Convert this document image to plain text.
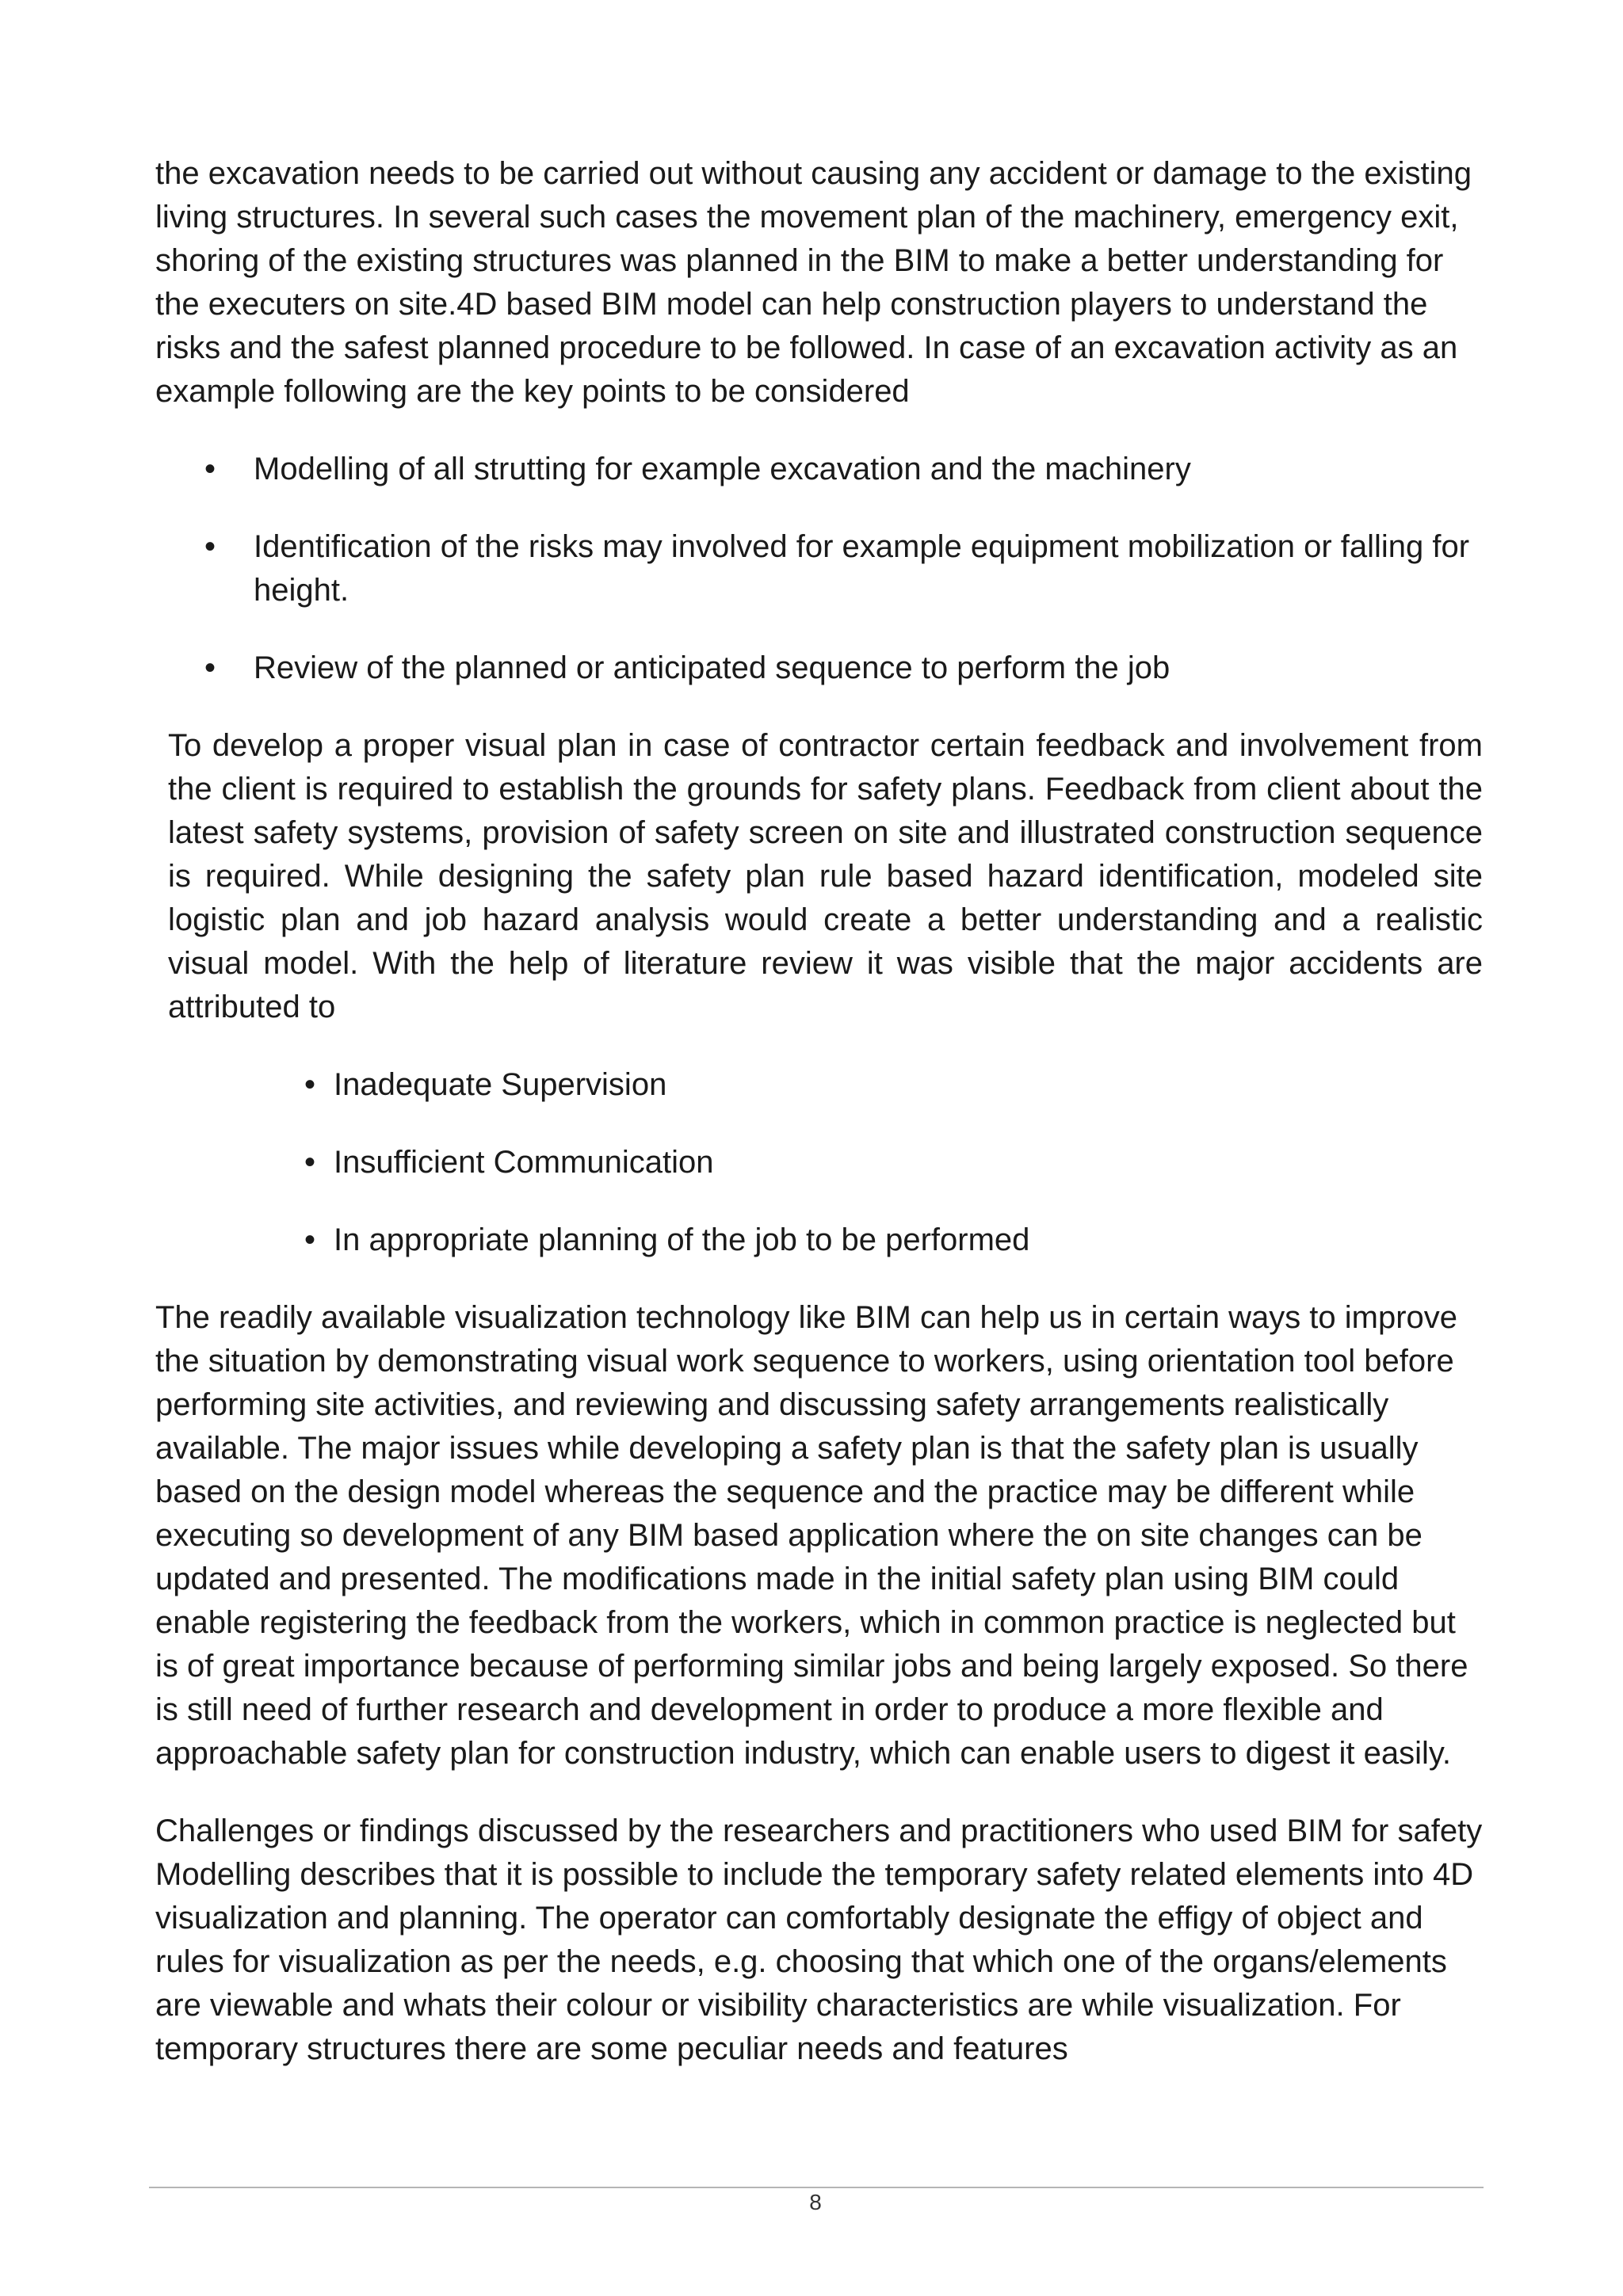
the excavation needs to be carried out without causing any accident or damage to the existing living structures. In several such cases the movement plan of the machinery, emergency exit, shoring of the existing structures was planned in the BIM to make a better understanding for the executers on site.4D based BIM model can help construction players to understand the risks and the safest planned procedure to be followed. In case of an excavation activity as an example following are the key points to be considered

• Modelling of all strutting for example excavation and the machinery
• Identification of the risks may involved for example equipment mobilization or falling for height.
• Review of the planned or anticipated sequence to perform the job

To develop a proper visual plan in case of contractor certain feedback and involvement from the client is required to establish the grounds for safety plans. Feedback from client about the latest safety systems, provision of safety screen on site and illustrated construction sequence is required. While designing the safety plan rule based hazard identification, modeled site logistic plan and job hazard analysis would create a better understanding and a realistic visual model. With the help of literature review it was visible that the major accidents are attributed to

• Inadequate Supervision
• Insufficient Communication
• In appropriate planning of the job to be performed

The readily available visualization technology like BIM can help us in certain ways to improve the situation by demonstrating visual work sequence to workers, using orientation tool before performing site activities, and reviewing and discussing safety arrangements realistically available. The major issues while developing a safety plan is that the safety plan is usually based on the design model whereas the sequence and the practice may be different while executing so development of any BIM based application where the on site changes can be updated and presented. The modifications made in the initial safety plan using BIM could enable registering the feedback from the workers, which in common practice is neglected but is of great importance because of performing similar jobs and being largely exposed. So there is still need of further research and development in order to produce a more flexible and approachable safety plan for construction industry, which can enable users to digest it easily.

Challenges or findings discussed by the researchers and practitioners who used BIM for safety Modelling describes that it is possible to include the temporary safety related elements into 4D visualization and planning. The operator can comfortably designate the effigy of object and rules for visualization as per the needs, e.g. choosing that which one of the organs/elements are viewable and whats their colour or visibility characteristics are while visualization. For temporary structures there are some peculiar needs and features

8
